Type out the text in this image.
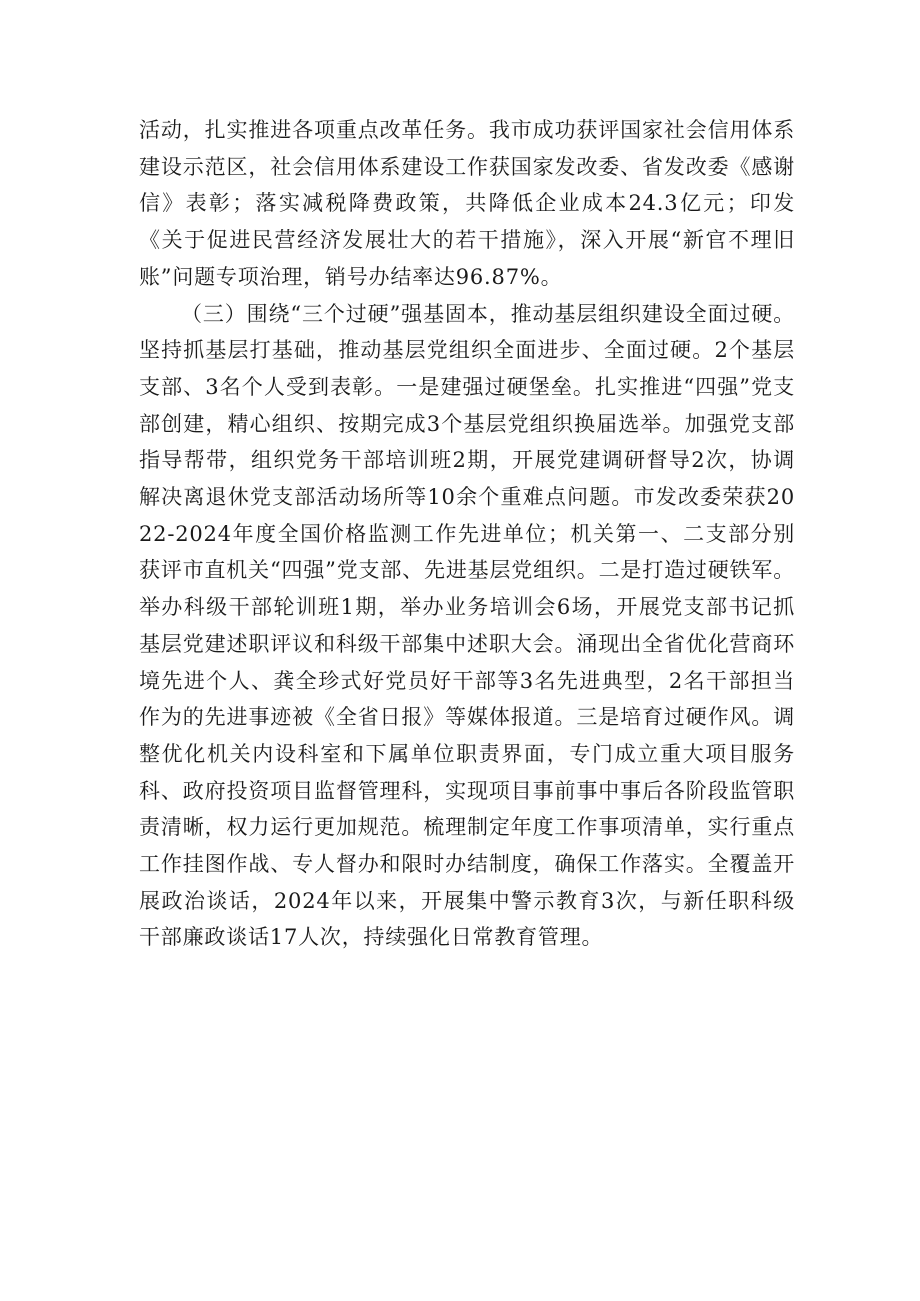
活动，扎实推进各项重点改革任务。我市成功获评国家社会信用体系建设示范区，社会信用体系建设工作获国家发改委、省发改委《感谢信》表彰；落实减税降费政策，共降低企业成本24.3亿元；印发《关于促进民营经济发展壮大的若干措施》，深入开展“新官不理旧账”问题专项治理，销号办结率达96.87%。

（三）围绕“三个过硬”强基固本，推动基层组织建设全面过硬。坚持抓基层打基础，推动基层党组织全面进步、全面过硬。2个基层支部、3名个人受到表彰。一是建强过硬堡垒。扎实推进“四强”党支部创建，精心组织、按期完成3个基层党组织换届选举。加强党支部指导帮带，组织党务干部培训班2期，开展党建调研督导2次，协调解决离退休党支部活动场所等10余个重难点问题。市发改委荣获2022-2024年度全国价格监测工作先进单位；机关第一、二支部分别获评市直机关“四强”党支部、先进基层党组织。二是打造过硬铁军。举办科级干部轮训班1期，举办业务培训会6场，开展党支部书记抓基层党建述职评议和科级干部集中述职大会。涌现出全省优化营商环境先进个人、龚全珍式好党员好干部等3名先进典型，2名干部担当作为的先进事迹被《全省日报》等媒体报道。三是培育过硬作风。调整优化机关内设科室和下属单位职责界面，专门成立重大项目服务科、政府投资项目监督管理科，实现项目事前事中事后各阶段监管职责清晰，权力运行更加规范。梳理制定年度工作事项清单，实行重点工作挂图作战、专人督办和限时办结制度，确保工作落实。全覆盖开展政治谈话，2024年以来，开展集中警示教育3次，与新任职科级干部廉政谈话17人次，持续强化日常教育管理。
